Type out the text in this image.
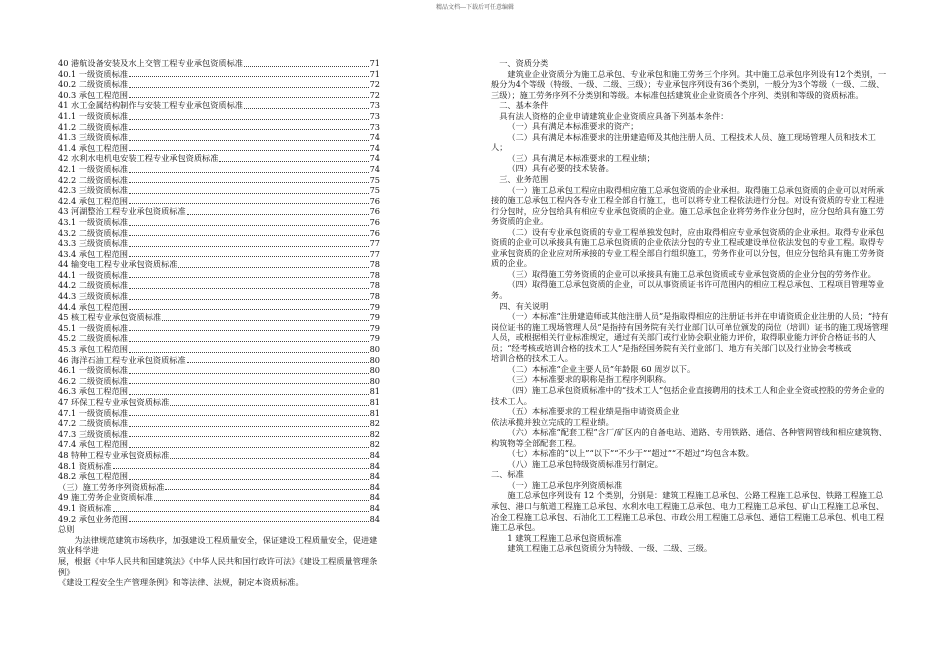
精品文档---下载后可任意编辑
40 港航设备安装及水上交管工程专业承包资质标准	71
40.1 一级资质标准	71
40.2 二级资质标准	72
40.3 承包工程范围	72
41 水工金属结构制作与安装工程专业承包资质标准	73
41.1 一级资质标准	73
41.2 二级资质标准	73
41.3 三级资质标准	74
41.4 承包工程范围	74
42 水利水电机电安装工程专业承包资质标准	74
42.1 一级资质标准	74
42.2 二级资质标准	75
42.3 三级资质标准	75
42.4 承包工程范围	76
43 河湖整治工程专业承包资质标准	76
43.1 一级资质标准	76
43.2 二级资质标准	76
43.3 三级资质标准	77
43.4 承包工程范围	77
44 输变电工程专业承包资质标准	78
44.1 一级资质标准	78
44.2 二级资质标准	78
44.3 三级资质标准	78
44.4 承包工程范围	79
45 核工程专业承包资质标准	79
45.1 一级资质标准	79
45.2 二级资质标准	79
45.3 承包工程范围	80
46 海洋石油工程专业承包资质标准	80
46.1 一级资质标准	80
46.2 二级资质标准	80
46.3 承包工程范围	81
47 环保工程专业承包资质标准	81
47.1 一级资质标准	81
47.2 二级资质标准	82
47.3 三级资质标准	82
47.4 承包工程范围	82
48 特种工程专业承包资质标准	84
48.1 资质标准	84
48.2 承包工程范围	84
（三）施工劳务序列资质标准	84
49 施工劳务企业资质标准	84
49.1 资质标准	84
49.2 承包业务范围	84
总则

为法律规范建筑市场秩序，加强建设工程质量安全，保证建设工程质量安全，促进建筑业科学进

展，根据《中华人民共和国建筑法》《中华人民共和国行政许可法》《建设工程质量管理条例》

《建设工程安全生产管理条例》和等法律、法规，制定本资质标准。

一、资质分类

建筑业企业资质分为施工总承包、专业承包和施工劳务三个序列。其中施工总承包序列设有12个类别，一般分为4个等级（特级、一级、二级、三级）；专业承包序列设有36个类别，一般分为3个等级（一级、二级、三级）；施工劳务序列不分类别和等级。本标准包括建筑业企业资质各个序列、类别和等级的资质标准。

二、基本条件

具有法人资格的企业申请建筑业企业资质应具备下列基本条件：

（一）具有满足本标准要求的资产；

（二）具有满足本标准要求的注册建造师及其他注册人员、工程技术人员、施工现场管理人员和技术工人；

（三）具有满足本标准要求的工程业绩；

（四）具有必要的技术装备。

三、业务范围

（一）施工总承包工程应由取得相应施工总承包资质的企业承担。取得施工总承包资质的企业可以对所承接的施工总承包工程内各专业工程全部自行施工，也可以将专业工程依法进行分包。对设有资质的专业工程进行分包时，应分包给具有相应专业承包资质的企业。施工总承包企业将劳务作业分包时，应分包给具有施工劳务资质的企业。

（二）设有专业承包资质的专业工程单独发包时，应由取得相应专业承包资质的企业承担。取得专业承包资质的企业可以承接具有施工总承包资质的企业依法分包的专业工程或建设单位依法发包的专业工程。取得专业承包资质的企业应对所承接的专业工程全部自行组织施工，劳务作业可以分包，但应分包给具有施工劳务资质的企业。

（三）取得施工劳务资质的企业可以承接具有施工总承包资质或专业承包资质的企业分包的劳务作业。

（四）取得施工总承包资质的企业，可以从事资质证书许可范围内的相应工程总承包、工程项目管理等业务。

四、有关说明

（一）本标准“注册建造师或其他注册人员”是指取得相应的注册证书并在申请资质企业注册的人员；“持有岗位证书的施工现场管理人员”是指持有国务院有关行业部门认可单位颁发的岗位（培训）证书的施工现场管理人员，或根据相关行业标准规定，通过有关部门或行业协会职业能力评价，取得职业能力评价合格证书的人员；“经考核或培训合格的技术工人”是指经国务院有关行业部门、地方有关部门以及行业协会考核或

培训合格的技术工人。

（二）本标准“企业主要人员”年龄限 60 周岁以下。

（三）本标准要求的职称是指工程序列职称。

（四）施工总承包资质标准中的“技术工人”包括企业直接聘用的技术工人和企业全资或控股的劳务企业的技术工人。

（五）本标准要求的工程业绩是指申请资质企业

依法承揽并独立完成的工程业绩。

（六）本标准“配套工程”含厂/矿区内的自备电站、道路、专用铁路、通信、各种管网管线和相应建筑物、构筑物等全部配套工程。

（七）本标准的“以上”“以下”“不少于”“超过”“不超过”均包含本数。

（八）施工总承包特级资质标准另行制定。

二、标准

（一）施工总承包序列资质标准

施工总承包序列设有 12 个类别，分别是：建筑工程施工总承包、公路工程施工总承包、铁路工程施工总承包、港口与航道工程施工总承包、水利水电工程施工总承包、电力工程施工总承包、矿山工程施工总承包、冶金工程施工总承包、石油化工工程施工总承包、市政公用工程施工总承包、通信工程施工总承包、机电工程施工总承包。

1 建筑工程施工总承包资质标准

建筑工程施工总承包资质分为特级、一级、二级、三级。
